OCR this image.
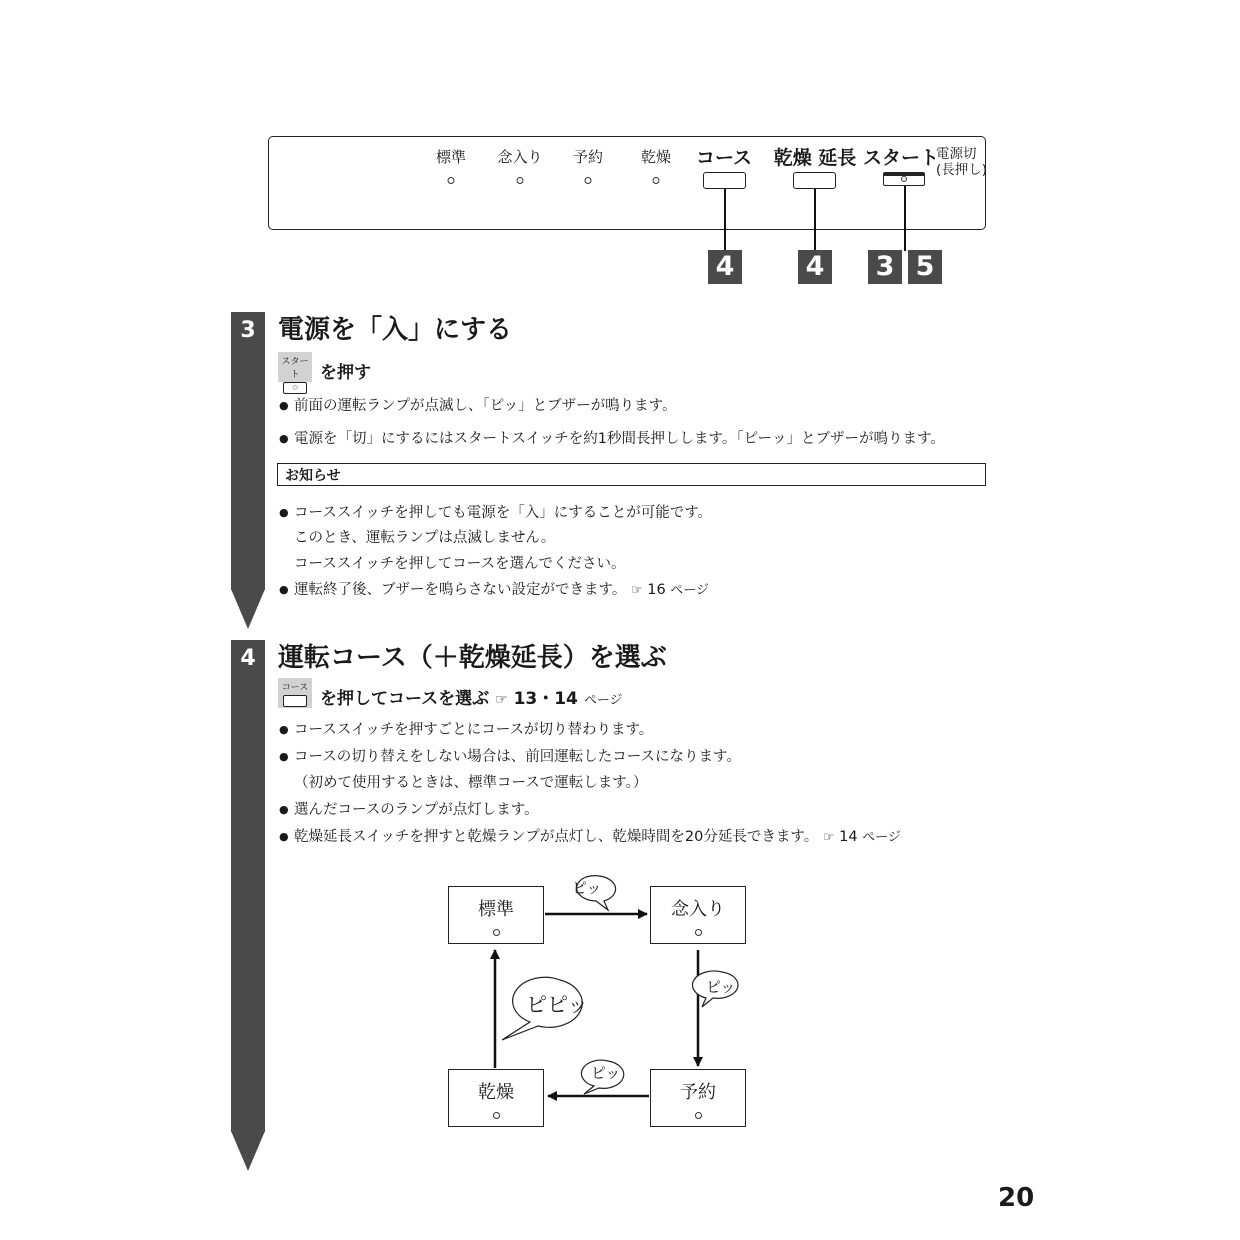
標準 念入り 予約	乾燥 コース 乾燥 延長 スタート
電源切
(長押し)
4	4 3 5
3 電源を「入」にする
スタート
○
を押す
● 前面の運転ランプが点滅し、「ピッ」とブザーが鳴ります。
● 電源を「切」にするにはスタートスイッチを約1秒間長押しします。「ピーッ」とブザーが鳴ります。
お知らせ
● コーススイッチを押しても電源を「入」にすることが可能です。
このとき、運転ランプは点滅しません。
コーススイッチを押してコースを選んでください。
● 運転終了後、ブザーを鳴らさない設定ができます。 ☞ 16 ページ
4 運転コース（＋乾燥延長）を選ぶ
コース
を押してコースを選ぶ ☞ 13・14 ページ
● コーススイッチを押すごとにコースが切り替わります。
● コースの切り替えをしない場合は、前回運転したコースになります。
（初めて使用するときは、標準コースで運転します。）
● 選んだコースのランプが点灯します。
● 乾燥延長スイッチを押すと乾燥ランプが点灯し、乾燥時間を20分延長できます。 ☞ 14 ページ
ピッ
ピッ
ピッ
ピピッ
標準	念入り
予約
乾燥
20
